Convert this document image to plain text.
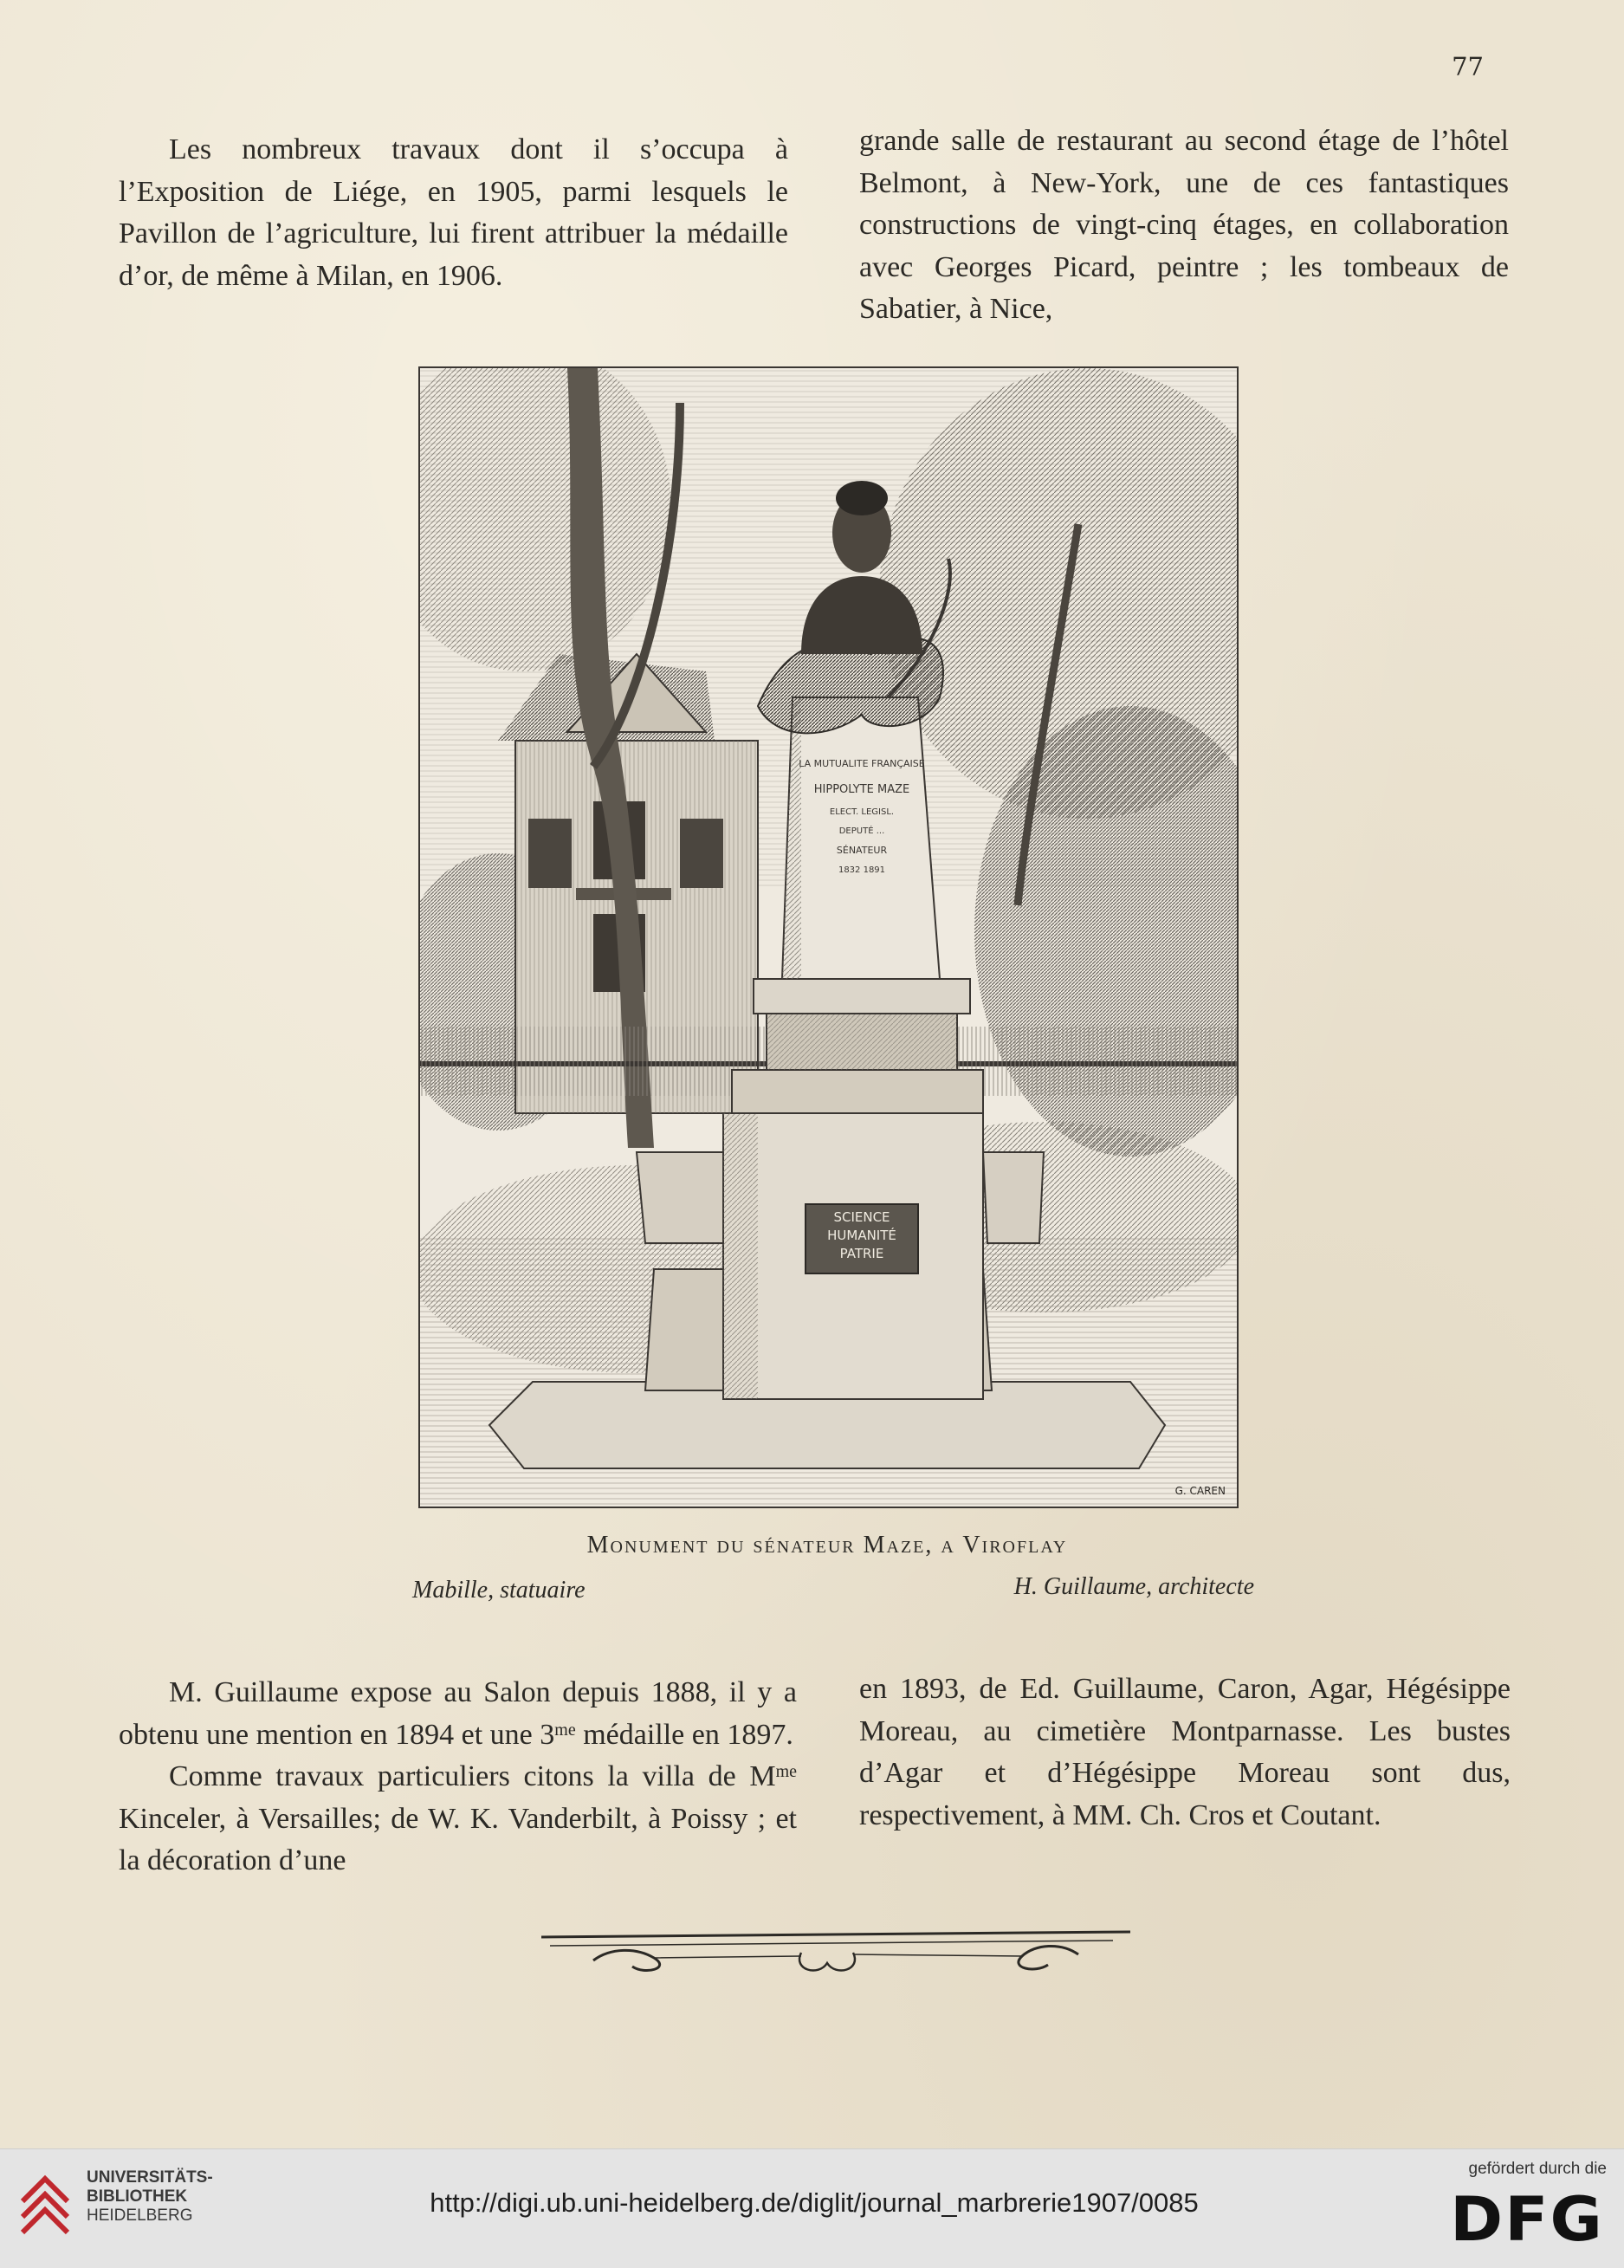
77

Les nombreux travaux dont il s’occupa à l’Exposition de Liége, en 1905, parmi lesquels le Pavillon de l’agriculture, lui firent attribuer la médaille d’or, de même à Milan, en 1906.

grande salle de restaurant au second étage de l’hôtel Belmont, à New-York, une de ces fantastiques constructions de vingt-cinq étages, en collaboration avec Georges Picard, peintre ; les tombeaux de Sabatier, à Nice,

SCIENCE
HUMANITÉ
PATRIE
LA MUTUALITE FRANÇAISE
HIPPOLYTE MAZE
ELECT. LEGISL.
DEPUTÉ ...
SÉNATEUR
1832 1891
G. CAREN
Monument du sénateur Maze, a Viroflay
Mabille, statuaire	H. Guillaume, architecte

M. Guillaume expose au Salon depuis 1888, il y a obtenu une mention en 1894 et une $3^{me}$ médaille en 1897.

Comme travaux particuliers citons la villa de $M^{me}$ Kinceler, à Versailles; de W. K. Vanderbilt, à Poissy ; et la décoration d’une

en 1893, de Ed. Guillaume, Caron, Agar, Hégésippe Moreau, au cimetière Montparnasse. Les bustes d’Agar et d’Hégésippe Moreau sont dus, respectivement, à MM. Ch. Cros et Coutant.

UNIVERSITÄTS-
BIBLIOTHEK
HEIDELBERG	http://digi.ub.uni-heidelberg.de/diglit/journal_marbrerie1907/0085
gefördert durch die
DFG
